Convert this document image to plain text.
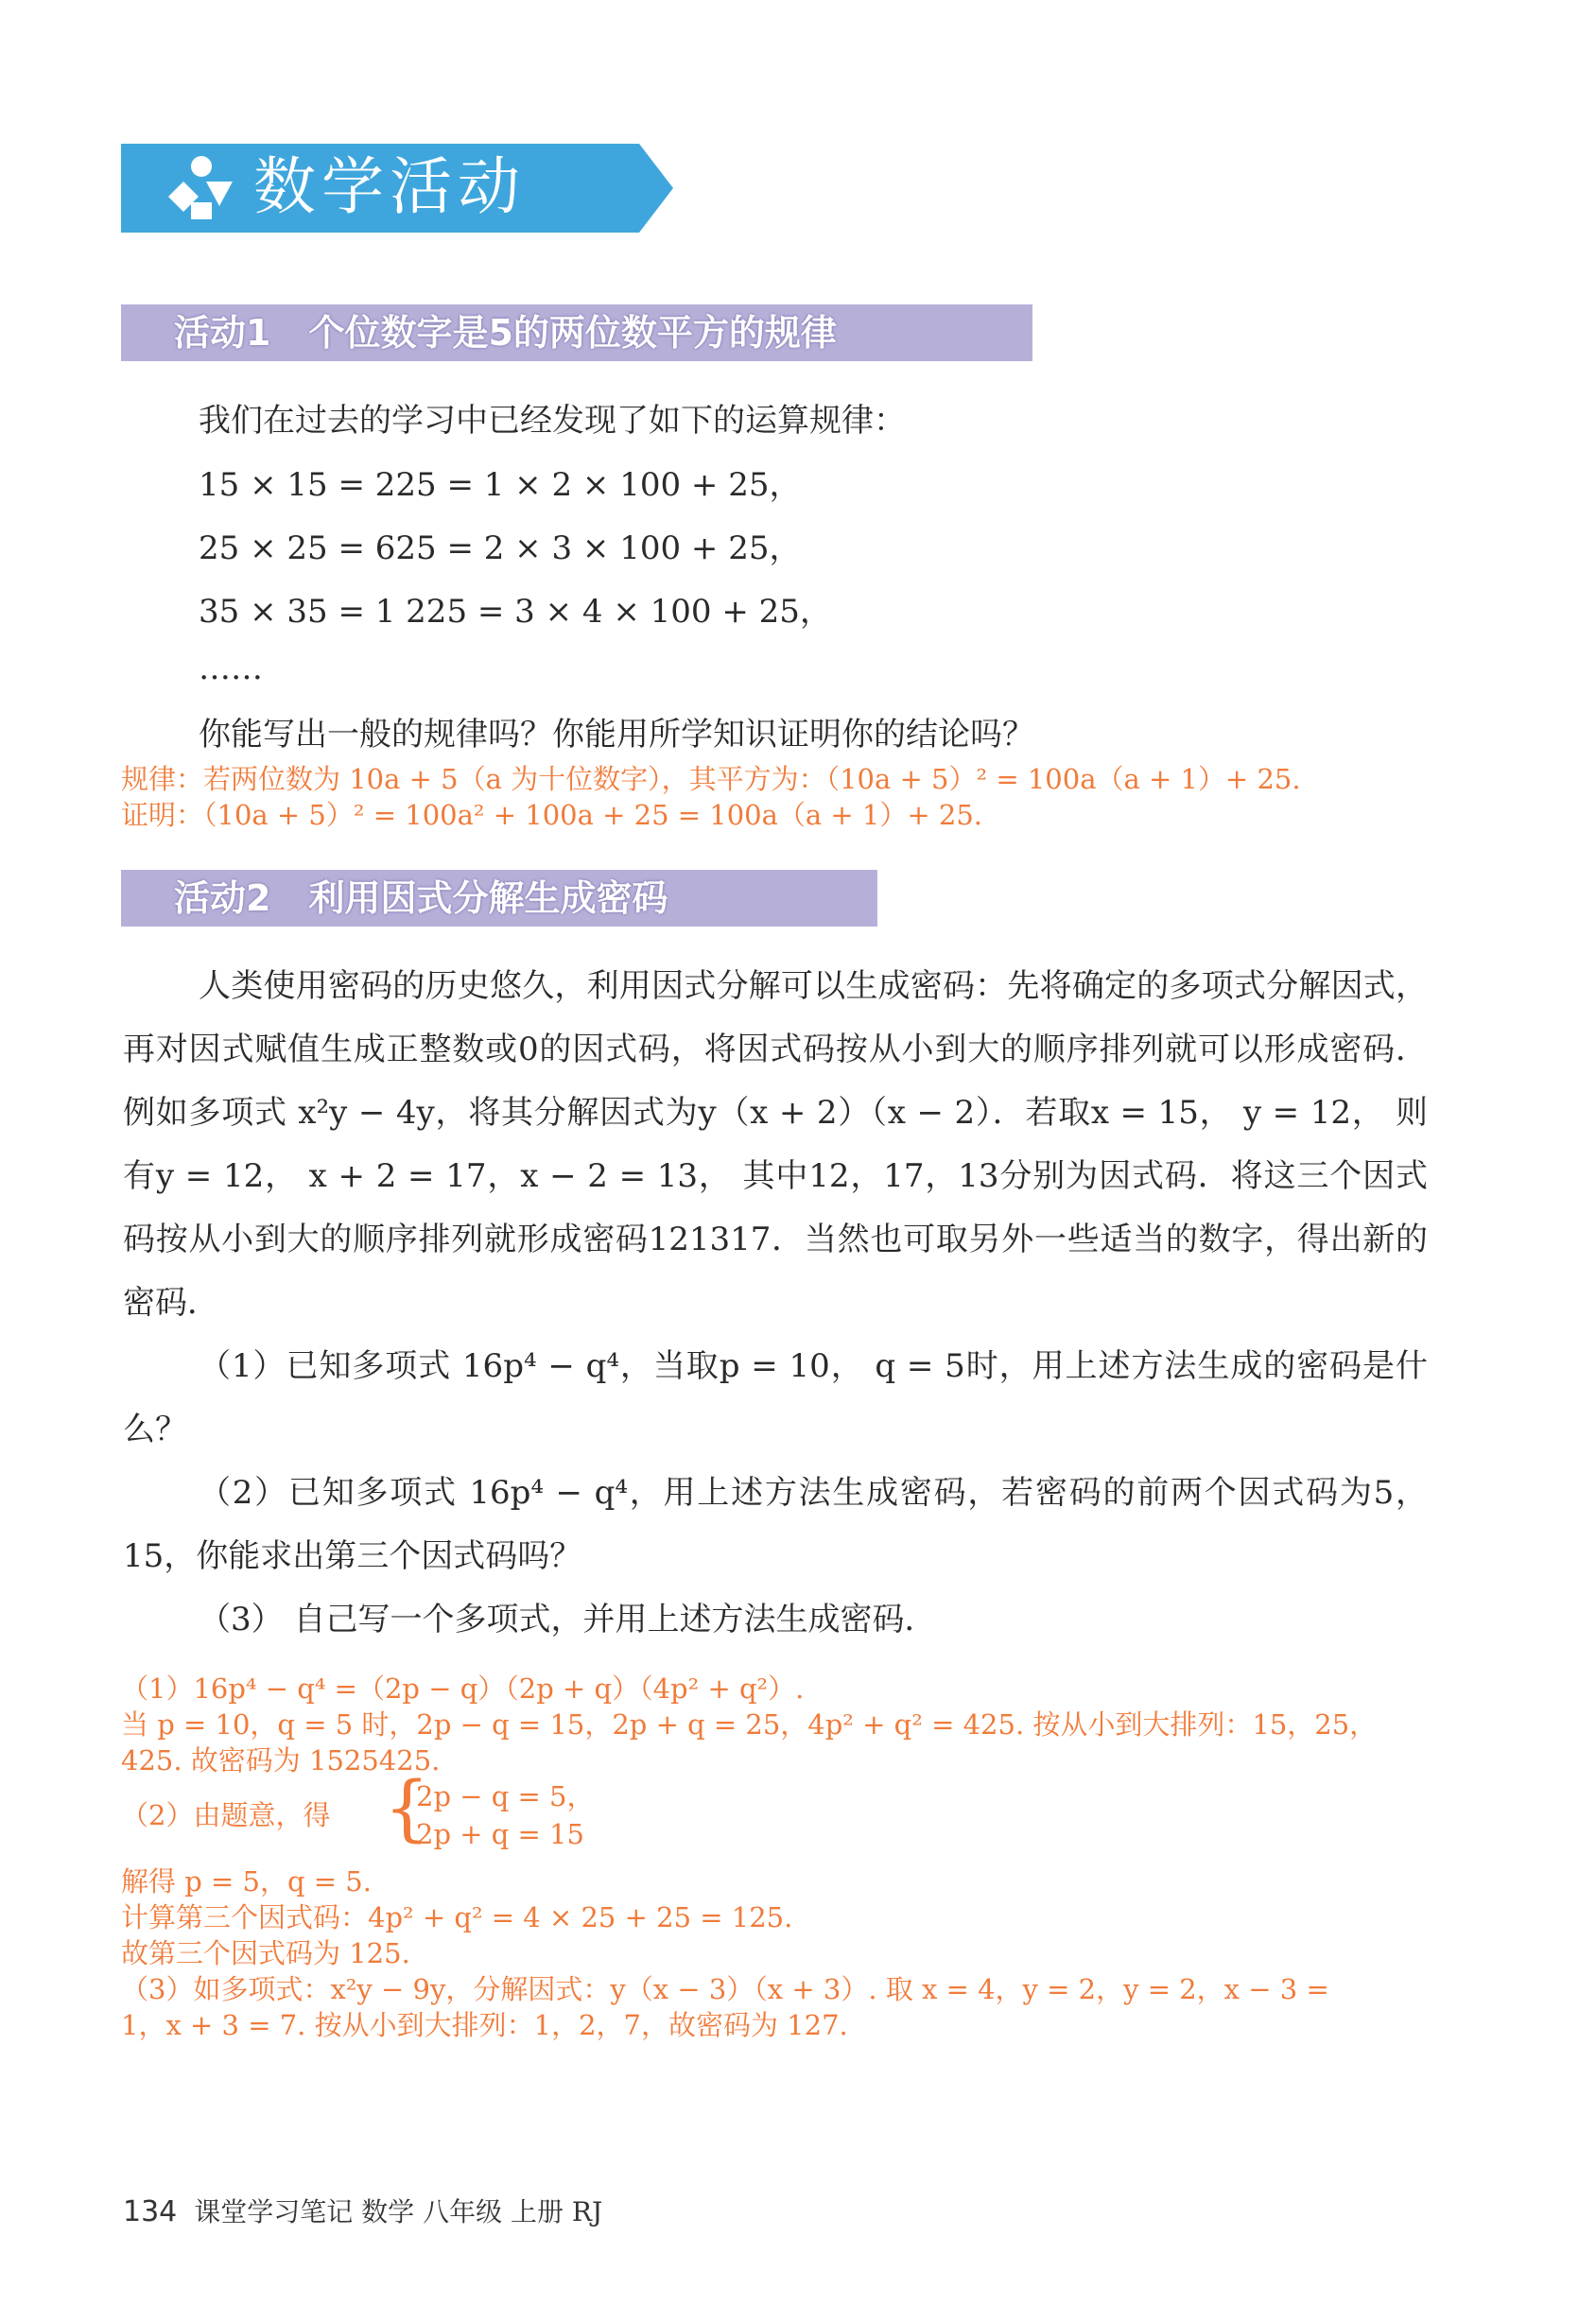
数学活动
活动1 个位数字是5的两位数平方的规律
我们在过去的学习中已经发现了如下的运算规律：
15 × 15 = 225 = 1 × 2 × 100 + 25，
25 × 25 = 625 = 2 × 3 × 100 + 25，
35 × 35 = 1 225 = 3 × 4 × 100 + 25，
……
你能写出一般的规律吗？你能用所学知识证明你的结论吗？
规律：若两位数为 10a + 5（a 为十位数字），其平方为：（10a + 5）² = 100a（a + 1）+ 25.
证明：（10a + 5）² = 100a² + 100a + 25 = 100a（a + 1）+ 25.
活动2 利用因式分解生成密码

人类使用密码的历史悠久，利用因式分解可以生成密码：先将确定的多项式分解因式，再对因式赋值生成正整数或0的因式码，将因式码按从小到大的顺序排列就可以形成密码．例如多项式 x²y − 4y，将其分解因式为y（x + 2）（x − 2）．若取x = 15， y = 12， 则有y = 12， x + 2 = 17，x − 2 = 13， 其中12，17，13分别为因式码．将这三个因式码按从小到大的顺序排列就形成密码121317．当然也可取另外一些适当的数字，得出新的密码．

（1）已知多项式 16p⁴ − q⁴，当取p = 10， q = 5时，用上述方法生成的密码是什么？

（2）已知多项式 16p⁴ − q⁴，用上述方法生成密码，若密码的前两个因式码为5，15，你能求出第三个因式码吗？

（3） 自己写一个多项式，并用上述方法生成密码．

（1）16p⁴ − q⁴ =（2p − q）（2p + q）（4p² + q²）.
当 p = 10，q = 5 时，2p − q = 15，2p + q = 25，4p² + q² = 425. 按从小到大排列：15，25，
425. 故密码为 1525425.
（2）由题意，得 {
2p − q = 5，
2p + q = 15
解得 p = 5，q = 5.
计算第三个因式码：4p² + q² = 4 × 25 + 25 = 125.
故第三个因式码为 125.
（3）如多项式：x²y − 9y，分解因式：y（x − 3）（x + 3）. 取 x = 4，y = 2，y = 2，x − 3 =
1，x + 3 = 7. 按从小到大排列：1，2，7，故密码为 127.
134 课堂学习笔记 数学 八年级 上册 RJ
